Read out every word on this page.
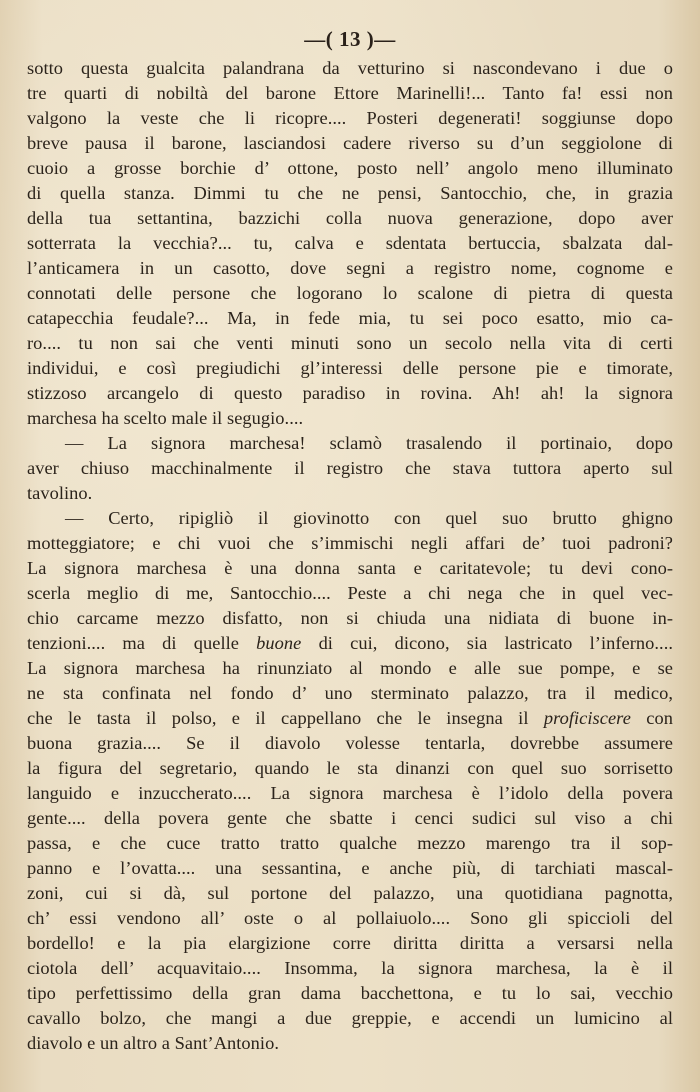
—( 13 )—
sotto questa gualcita palandrana da vetturino si nascondevano i due o
tre quarti di nobiltà del barone Ettore Marinelli!... Tanto fa! essi non
valgono la veste che li ricopre.... Posteri degenerati! soggiunse dopo
breve pausa il barone, lasciandosi cadere riverso su d’un seggiolone di
cuoio a grosse borchie d’ ottone, posto nell’ angolo meno illuminato
di quella stanza. Dimmi tu che ne pensi, Santocchio, che, in grazia
della tua settantina, bazzichi colla nuova generazione, dopo aver
sotterrata la vecchia?... tu, calva e sdentata bertuccia, sbalzata dal-
l’anticamera in un casotto, dove segni a registro nome, cognome e
connotati delle persone che logorano lo scalone di pietra di questa
catapecchia feudale?... Ma, in fede mia, tu sei poco esatto, mio ca-
ro.... tu non sai che venti minuti sono un secolo nella vita di certi
individui, e così pregiudichi gl’interessi delle persone pie e timorate,
stizzoso arcangelo di questo paradiso in rovina. Ah! ah! la signora
marchesa ha scelto male il segugio....
— La signora marchesa! sclamò trasalendo il portinaio, dopo
aver chiuso macchinalmente il registro che stava tuttora aperto sul
tavolino.
— Certo, ripigliò il giovinotto con quel suo brutto ghigno
motteggiatore; e chi vuoi che s’immischi negli affari de’ tuoi padroni?
La signora marchesa è una donna santa e caritatevole; tu devi cono-
scerla meglio di me, Santocchio.... Peste a chi nega che in quel vec-
chio carcame mezzo disfatto, non si chiuda una nidiata di buone in-
tenzioni.... ma di quelle buone di cui, dicono, sia lastricato l’inferno....
La signora marchesa ha rinunziato al mondo e alle sue pompe, e se
ne sta confinata nel fondo d’ uno sterminato palazzo, tra il medico,
che le tasta il polso, e il cappellano che le insegna il proficiscere con
buona grazia.... Se il diavolo volesse tentarla, dovrebbe assumere
la figura del segretario, quando le sta dinanzi con quel suo sorrisetto
languido e inzuccherato.... La signora marchesa è l’idolo della povera
gente.... della povera gente che sbatte i cenci sudici sul viso a chi
passa, e che cuce tratto tratto qualche mezzo marengo tra il sop-
panno e l’ovatta.... una sessantina, e anche più, di tarchiati mascal-
zoni, cui si dà, sul portone del palazzo, una quotidiana pagnotta,
ch’ essi vendono all’ oste o al pollaiuolo.... Sono gli spiccioli del
bordello! e la pia elargizione corre diritta diritta a versarsi nella
ciotola dell’ acquavitaio.... Insomma, la signora marchesa, la è il
tipo perfettissimo della gran dama bacchettona, e tu lo sai, vecchio
cavallo bolzo, che mangi a due greppie, e accendi un lumicino al
diavolo e un altro a Sant’Antonio.
